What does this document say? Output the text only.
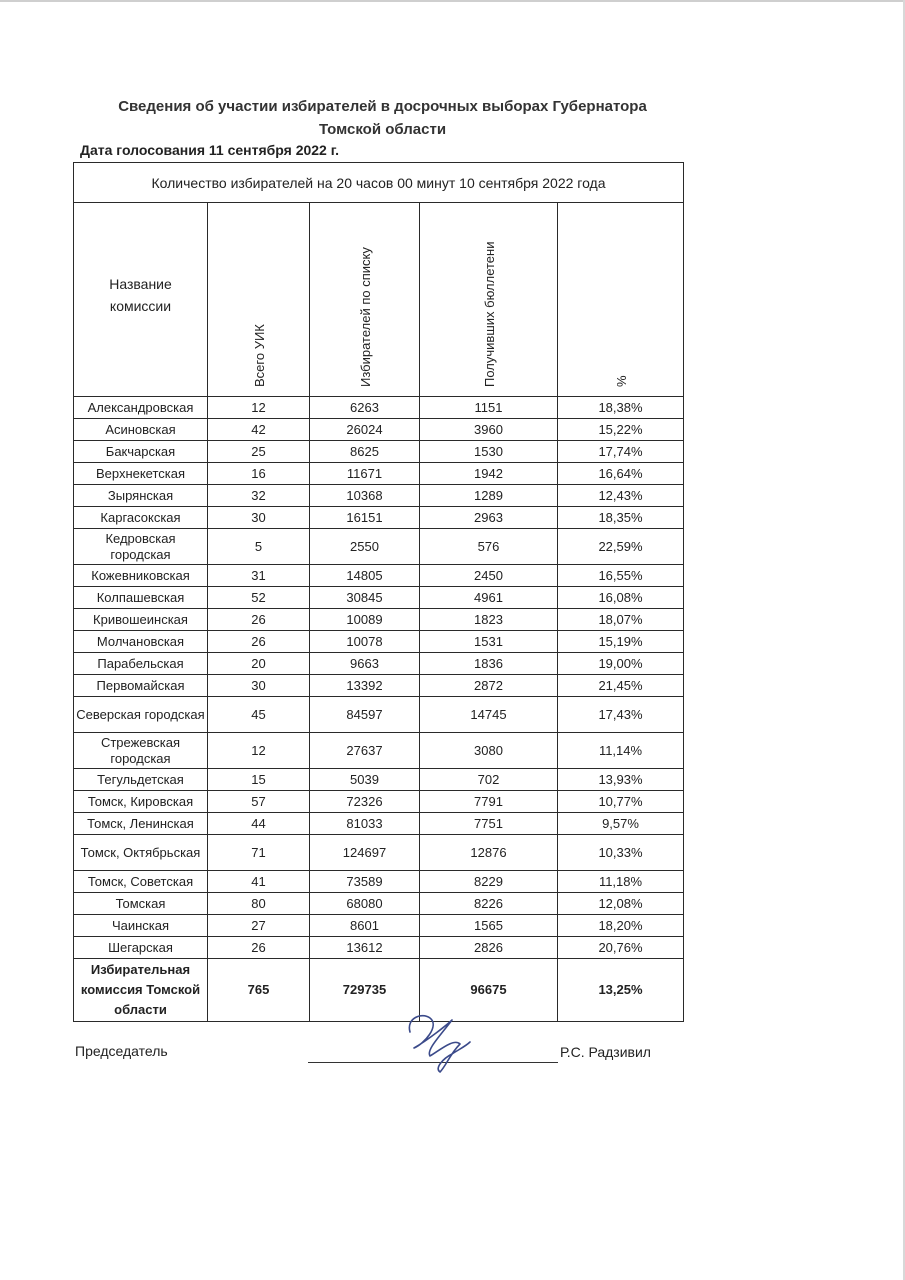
Сведения об участии избирателей в досрочных выборах Губернатора
Томской области
Дата голосования 11 сентября 2022 г.
Количество избирателей на 20 часов 00 минут 10 сентября 2022 года				

Название
комиссии	Всего УИК	Избирателей по списку	Получивших бюллетени	%

Александровская	12	6263	1151	18,38%
Асиновская	42	26024	3960	15,22%
Бакчарская	25	8625	1530	17,74%
Верхнекетская	16	11671	1942	16,64%
Зырянская	32	10368	1289	12,43%
Каргасокская	30	16151	2963	18,35%
Кедровская городская	5	2550	576	22,59%
Кожевниковская	31	14805	2450	16,55%
Колпашевская	52	30845	4961	16,08%
Кривошеинская	26	10089	1823	18,07%
Молчановская	26	10078	1531	15,19%
Парабельская	20	9663	1836	19,00%
Первомайская	30	13392	2872	21,45%
Северская городская	45	84597	14745	17,43%
Стрежевская городская	12	27637	3080	11,14%
Тегульдетская	15	5039	702	13,93%
Томск, Кировская	57	72326	7791	10,77%
Томск, Ленинская	44	81033	7751	9,57%
Томск, Октябрьская	71	124697	12876	10,33%
Томск, Советская	41	73589	8229	11,18%
Томская	80	68080	8226	12,08%
Чаинская	27	8601	1565	18,20%
Шегарская	26	13612	2826	20,76%

Избирательная
комиссия Томской
области	765	729735	96675	13,25%
Председатель	Р.С. Радзивил
